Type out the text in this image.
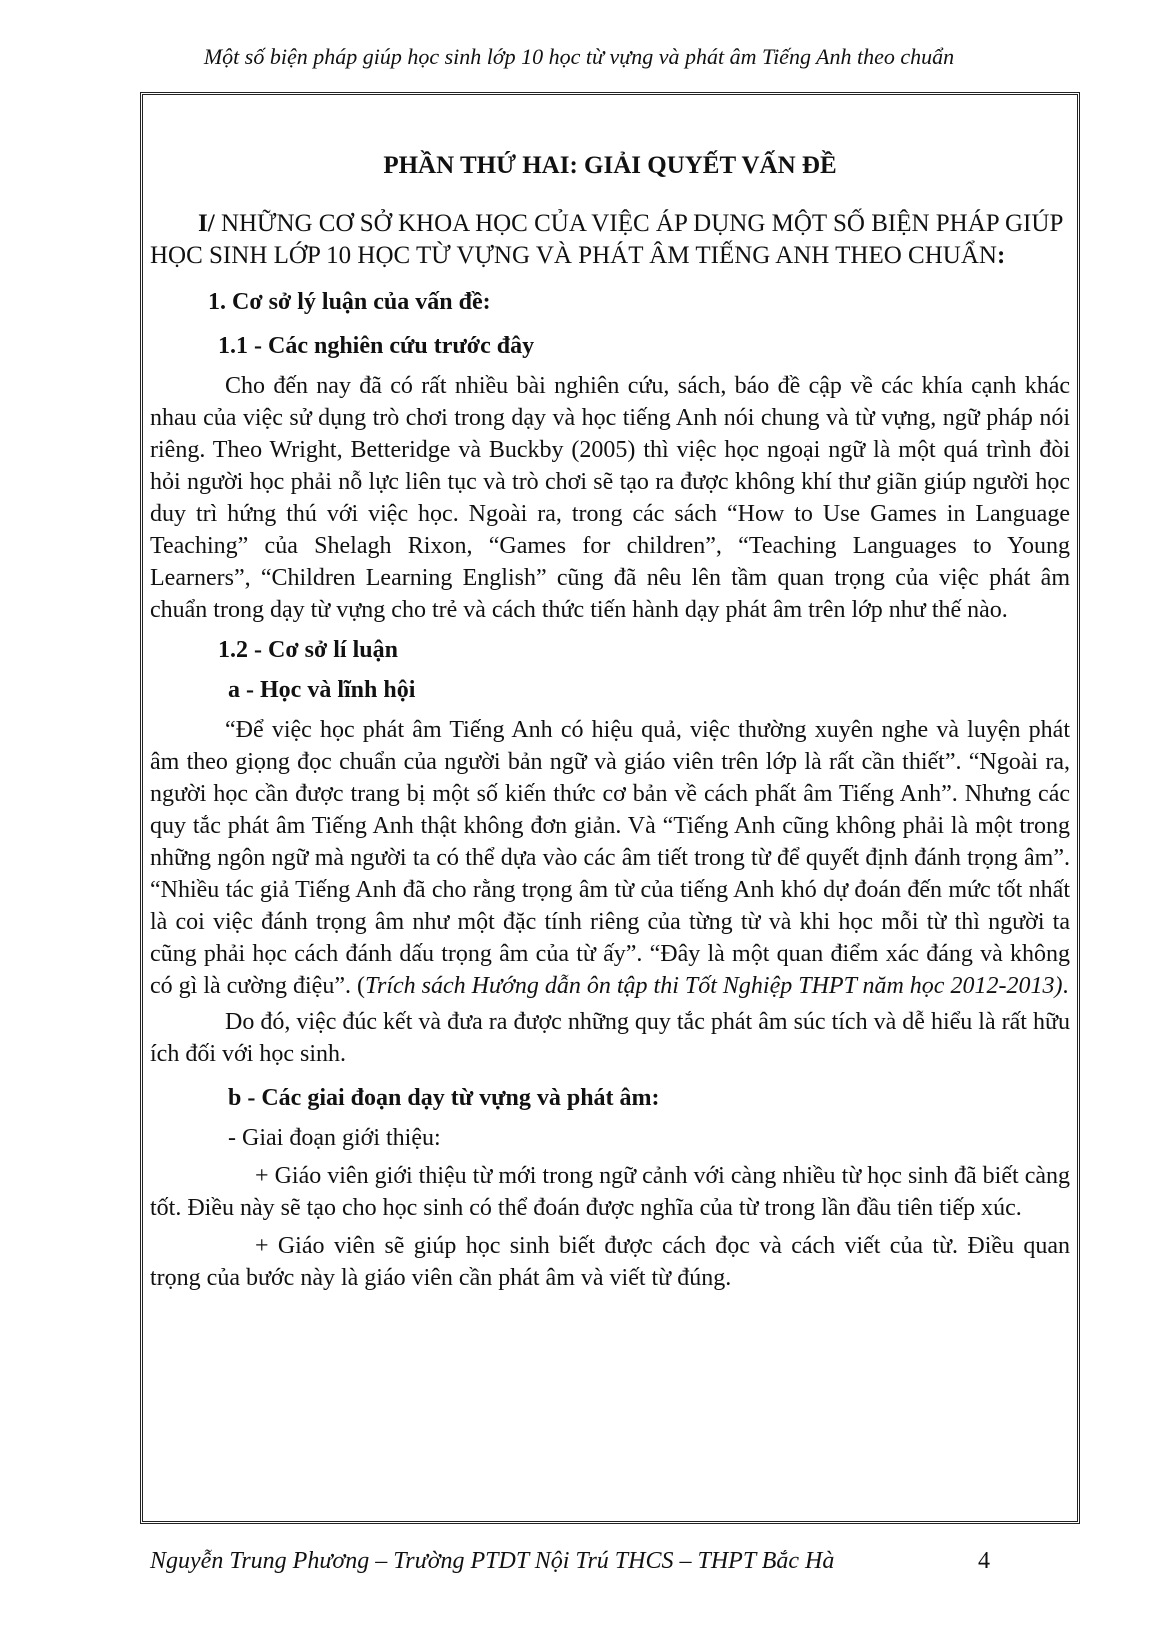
Một số biện pháp giúp học sinh lớp 10 học từ vựng và phát âm Tiếng Anh theo chuẩn

PHẦN THỨ HAI: GIẢI QUYẾT VẤN ĐỀ

I/ NHỮNG CƠ SỞ KHOA HỌC CỦA VIỆC ÁP DỤNG MỘT SỐ BIỆN PHÁP GIÚP HỌC SINH LỚP 10 HỌC TỪ VỰNG VÀ PHÁT ÂM TIẾNG ANH THEO CHUẨN:

1. Cơ sở lý luận của vấn đề:

1.1 - Các nghiên cứu trước đây

Cho đến nay đã có rất nhiều bài nghiên cứu, sách, báo đề cập về các khía cạnh khác nhau của việc sử dụng trò chơi trong dạy và học tiếng Anh nói chung và từ vựng, ngữ pháp nói riêng. Theo Wright, Betteridge và Buckby (2005) thì việc học ngoại ngữ là một quá trình đòi hỏi người học phải nỗ lực liên tục và trò chơi sẽ tạo ra được không khí thư giãn giúp người học duy trì hứng thú với việc học. Ngoài ra, trong các sách “How to Use Games in Language Teaching” của Shelagh Rixon, “Games for children”, “Teaching Languages to Young Learners”, “Children Learning English” cũng đã nêu lên tầm quan trọng của việc phát âm chuẩn trong dạy từ vựng cho trẻ và cách thức tiến hành dạy phát âm trên lớp như thế nào.

1.2 - Cơ sở lí luận

a - Học và lĩnh hội

“Để việc học phát âm Tiếng Anh có hiệu quả, việc thường xuyên nghe và luyện phát âm theo giọng đọc chuẩn của người bản ngữ và giáo viên trên lớp là rất cần thiết”. “Ngoài ra, người học cần được trang bị một số kiến thức cơ bản về cách phất âm Tiếng Anh”. Nhưng các quy tắc phát âm Tiếng Anh thật không đơn giản. Và “Tiếng Anh cũng không phải là một trong những ngôn ngữ mà người ta có thể dựa vào các âm tiết trong từ để quyết định đánh trọng âm”. “Nhiều tác giả Tiếng Anh đã cho rằng trọng âm từ của tiếng Anh khó dự đoán đến mức tốt nhất là coi việc đánh trọng âm như một đặc tính riêng của từng từ và khi học mỗi từ thì người ta cũng phải học cách đánh dấu trọng âm của từ ấy”. “Đây là một quan điểm xác đáng và không có gì là cường điệu”. (Trích sách Hướng dẫn ôn tập thi Tốt Nghiệp THPT năm học 2012-2013).

Do đó, việc đúc kết và đưa ra được những quy tắc phát âm súc tích và dễ hiểu là rất hữu ích đối với học sinh.

b - Các giai đoạn dạy từ vựng và phát âm:

- Giai đoạn giới thiệu:

+ Giáo viên giới thiệu từ mới trong ngữ cảnh với càng nhiều từ học sinh đã biết càng tốt. Điều này sẽ tạo cho học sinh có thể đoán được nghĩa của từ trong lần đầu tiên tiếp xúc.

+ Giáo viên sẽ giúp học sinh biết được cách đọc và cách viết của từ. Điều quan trọng của bước này là giáo viên cần phát âm và viết từ đúng.

Nguyễn Trung Phương – Trường PTDT Nội Trú THCS – THPT Bắc Hà	4
